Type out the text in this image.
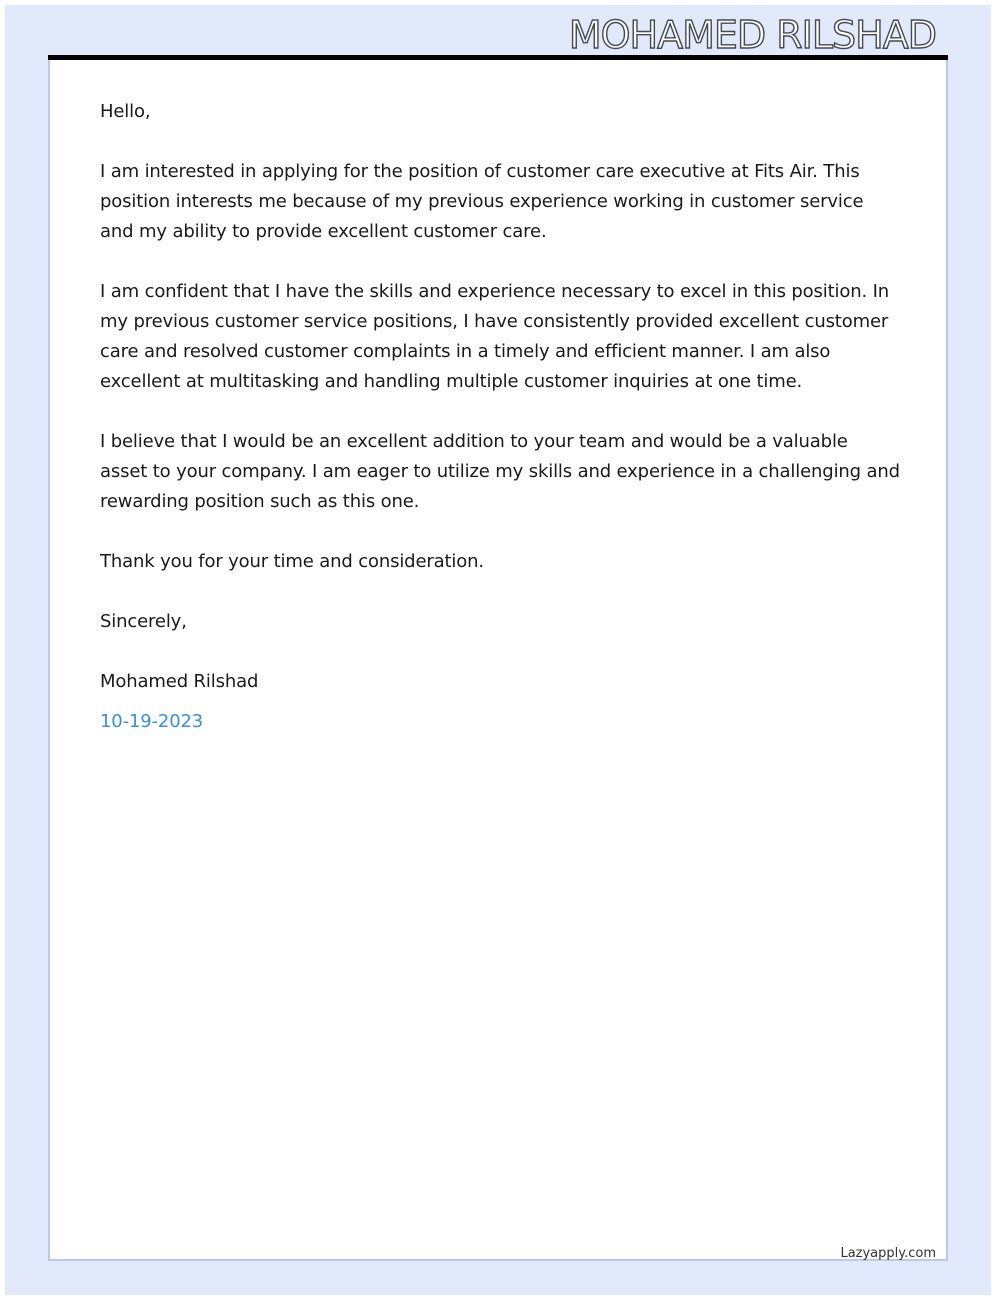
MOHAMED RILSHAD

Hello,

I am interested in applying for the position of customer care executive at Fits Air. This position interests me because of my previous experience working in customer service and my ability to provide excellent customer care.

I am confident that I have the skills and experience necessary to excel in this position. In my previous customer service positions, I have consistently provided excellent customer care and resolved customer complaints in a timely and efficient manner. I am also excellent at multitasking and handling multiple customer inquiries at one time.

I believe that I would be an excellent addition to your team and would be a valuable asset to your company. I am eager to utilize my skills and experience in a challenging and rewarding position such as this one.

Thank you for your time and consideration.

Sincerely,

Mohamed Rilshad

10-19-2023

Lazyapply.com
